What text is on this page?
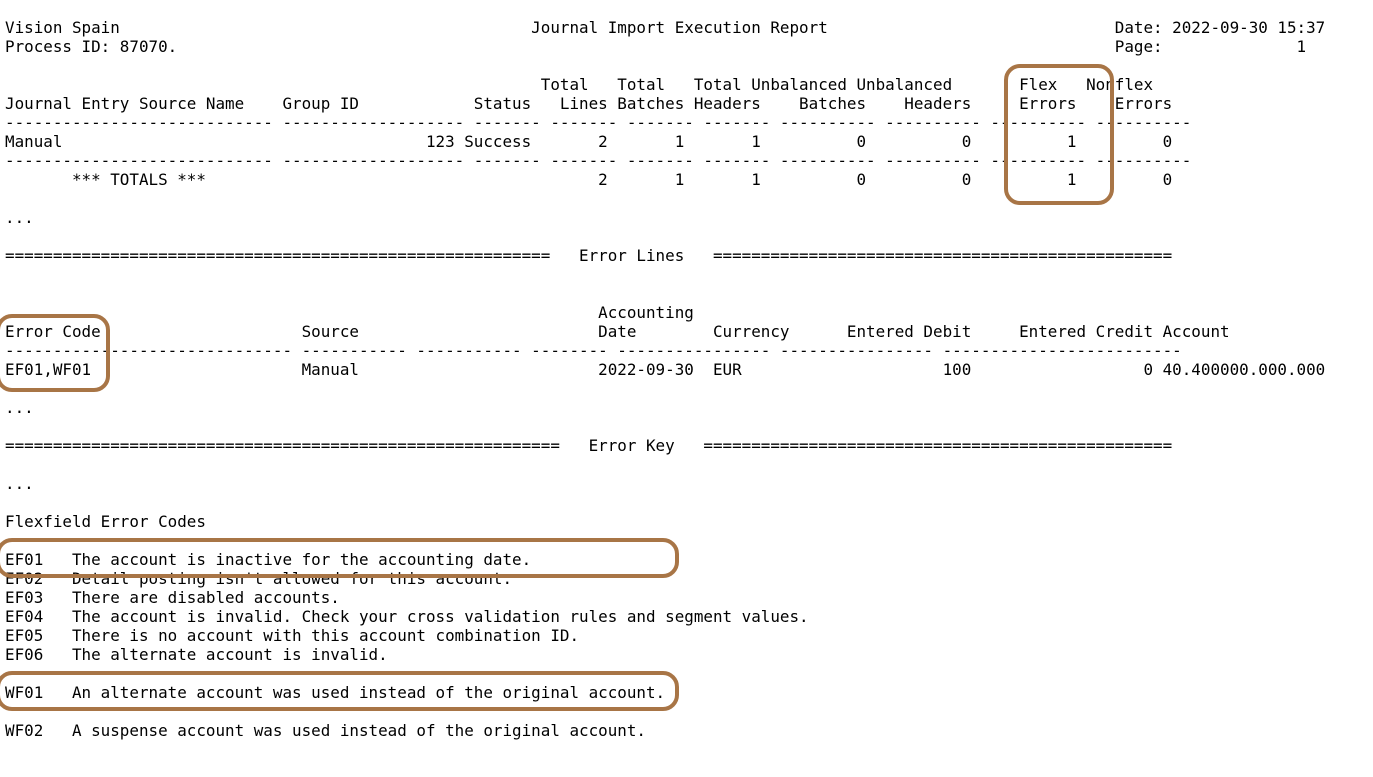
Vision Spain                                           Journal Import Execution Report                              Date: 2022-09-30 15:37
Process ID: 87070.                                                                                                  Page:              1
Total   Total   Total Unbalanced Unbalanced       Flex   Nonflex
Journal Entry Source Name    Group ID            Status   Lines Batches Headers    Batches    Headers     Errors    Errors
---------------------------- ------------------- ------- ------- ------- ------- ---------- ---------- ---------- ----------
Manual                                      123 Success       2       1       1          0          0          1         0
---------------------------- ------------------- ------- ------- ------- ------- ---------- ---------- ---------- ----------
*** TOTALS ***                                         2       1       1          0          0          1         0
...
=========================================================   Error Lines   ================================================
Accounting
Error Code                     Source                         Date        Currency      Entered Debit     Entered Credit Account
------------------------------ ----------- ----------- -------- ---------------- ---------------- -------------------------
EF01,WF01                      Manual                         2022-09-30  EUR                     100                  0 40.400000.000.000
...
==========================================================   Error Key   =================================================
...
Flexfield Error Codes
EF01   The account is inactive for the accounting date.
EF02   Detail posting isn't allowed for this account.
EF03   There are disabled accounts.
EF04   The account is invalid. Check your cross validation rules and segment values.
EF05   There is no account with this account combination ID.
EF06   The alternate account is invalid.
WF01   An alternate account was used instead of the original account.
WF02   A suspense account was used instead of the original account.
